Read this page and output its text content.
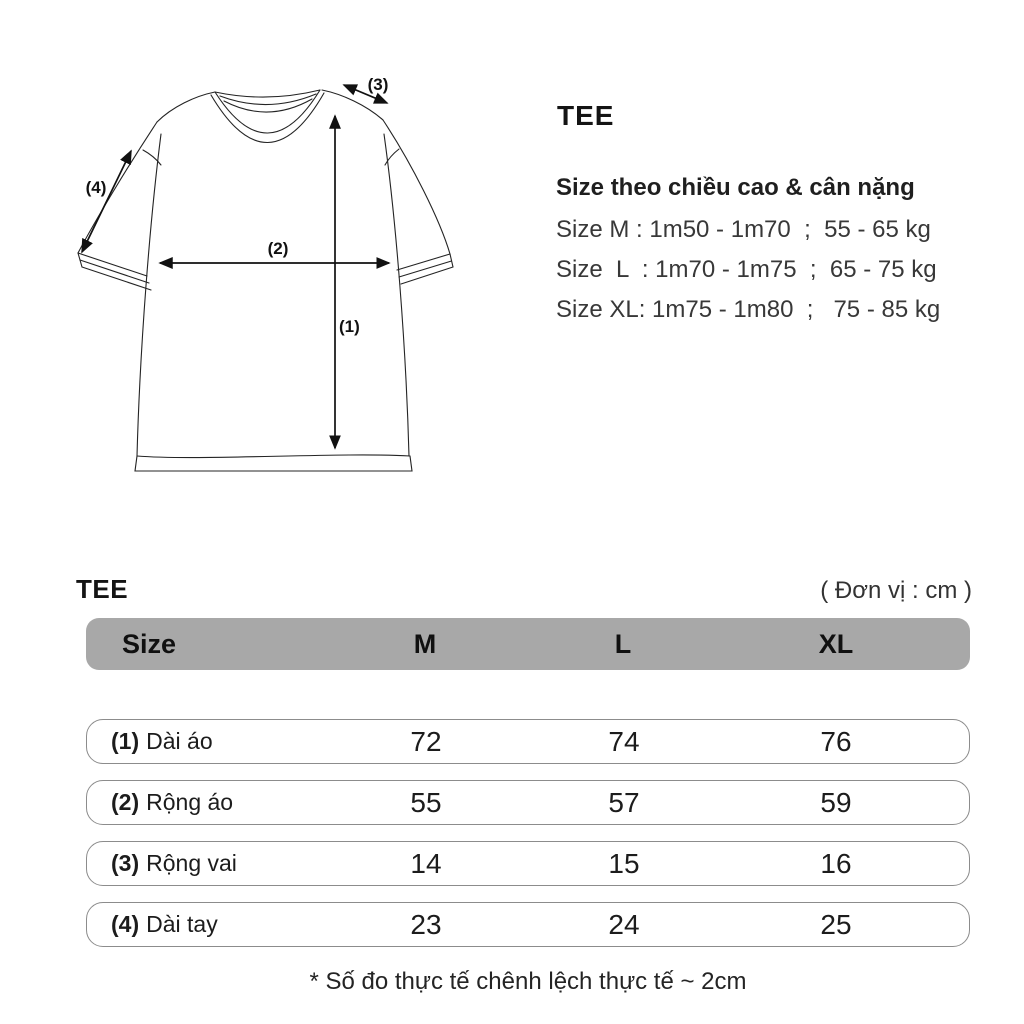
(1)
(2)
(3)
(4)
TEE
Size theo chiều cao & cân nặng
Size M : 1m50 - 1m70  ;  55 - 65 kg
Size  L  : 1m70 - 1m75  ;  65 - 75 kg
Size XL: 1m75 - 1m80  ;   75 - 85 kg
TEE	( Đơn vị : cm )
Size	M	L	XL
(1) Dài áo	72	74	76
(2) Rộng áo	55	57	59
(3) Rộng vai	14	15	16
(4) Dài tay	23	24	25
* Số đo thực tế chênh lệch thực tế ~ 2cm
